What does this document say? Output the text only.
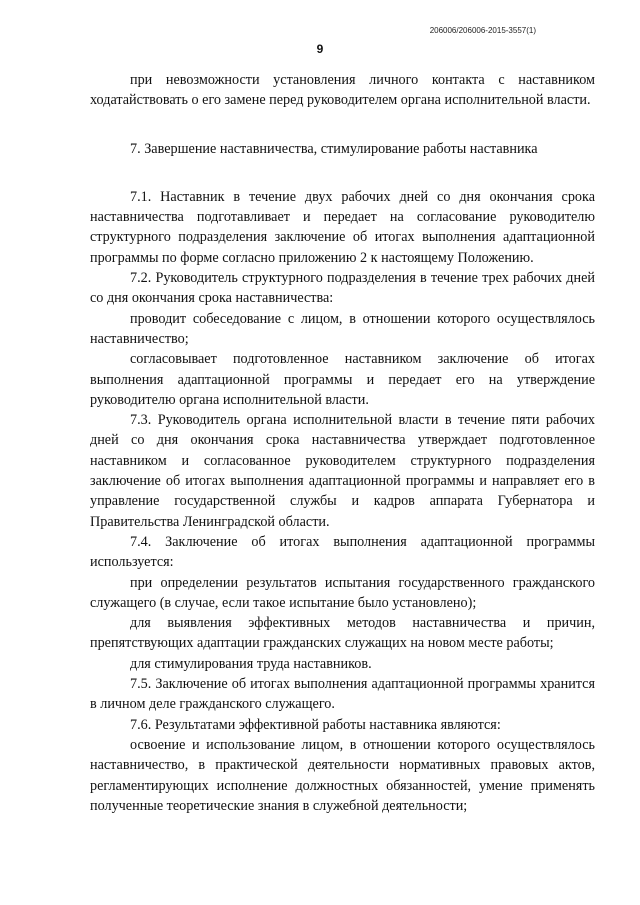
206006/206006-2015-3557(1)
9

при невозможности установления личного контакта с наставником ходатайствовать о его замене перед руководителем органа исполнительной власти.

7. Завершение наставничества, стимулирование работы наставника

7.1. Наставник в течение двух рабочих дней со дня окончания срока наставничества подготавливает и передает на согласование руководителю структурного подразделения заключение об итогах выполнения адаптационной программы по форме согласно приложению 2 к настоящему Положению.

7.2. Руководитель структурного подразделения в течение трех рабочих дней со дня окончания срока наставничества:

проводит собеседование с лицом, в отношении которого осуществлялось наставничество;

согласовывает подготовленное наставником заключение об итогах выполнения адаптационной программы и передает его на утверждение руководителю органа исполнительной власти.

7.3. Руководитель органа исполнительной власти в течение пяти рабочих дней со дня окончания срока наставничества утверждает подготовленное наставником и согласованное руководителем структурного подразделения заключение об итогах выполнения адаптационной программы и направляет его в управление государственной службы и кадров аппарата Губернатора и Правительства Ленинградской области.

7.4. Заключение об итогах выполнения адаптационной программы используется:

при определении результатов испытания государственного гражданского служащего (в случае, если такое испытание было установлено);

для выявления эффективных методов наставничества и причин, препятствующих адаптации гражданских служащих на новом месте работы;

для стимулирования труда наставников.

7.5. Заключение об итогах выполнения адаптационной программы хранится в личном деле гражданского служащего.

7.6. Результатами эффективной работы наставника являются:

освоение и использование лицом, в отношении которого осуществлялось наставничество, в практической деятельности нормативных правовых актов, регламентирующих исполнение должностных обязанностей, умение применять полученные теоретические знания в служебной деятельности;
